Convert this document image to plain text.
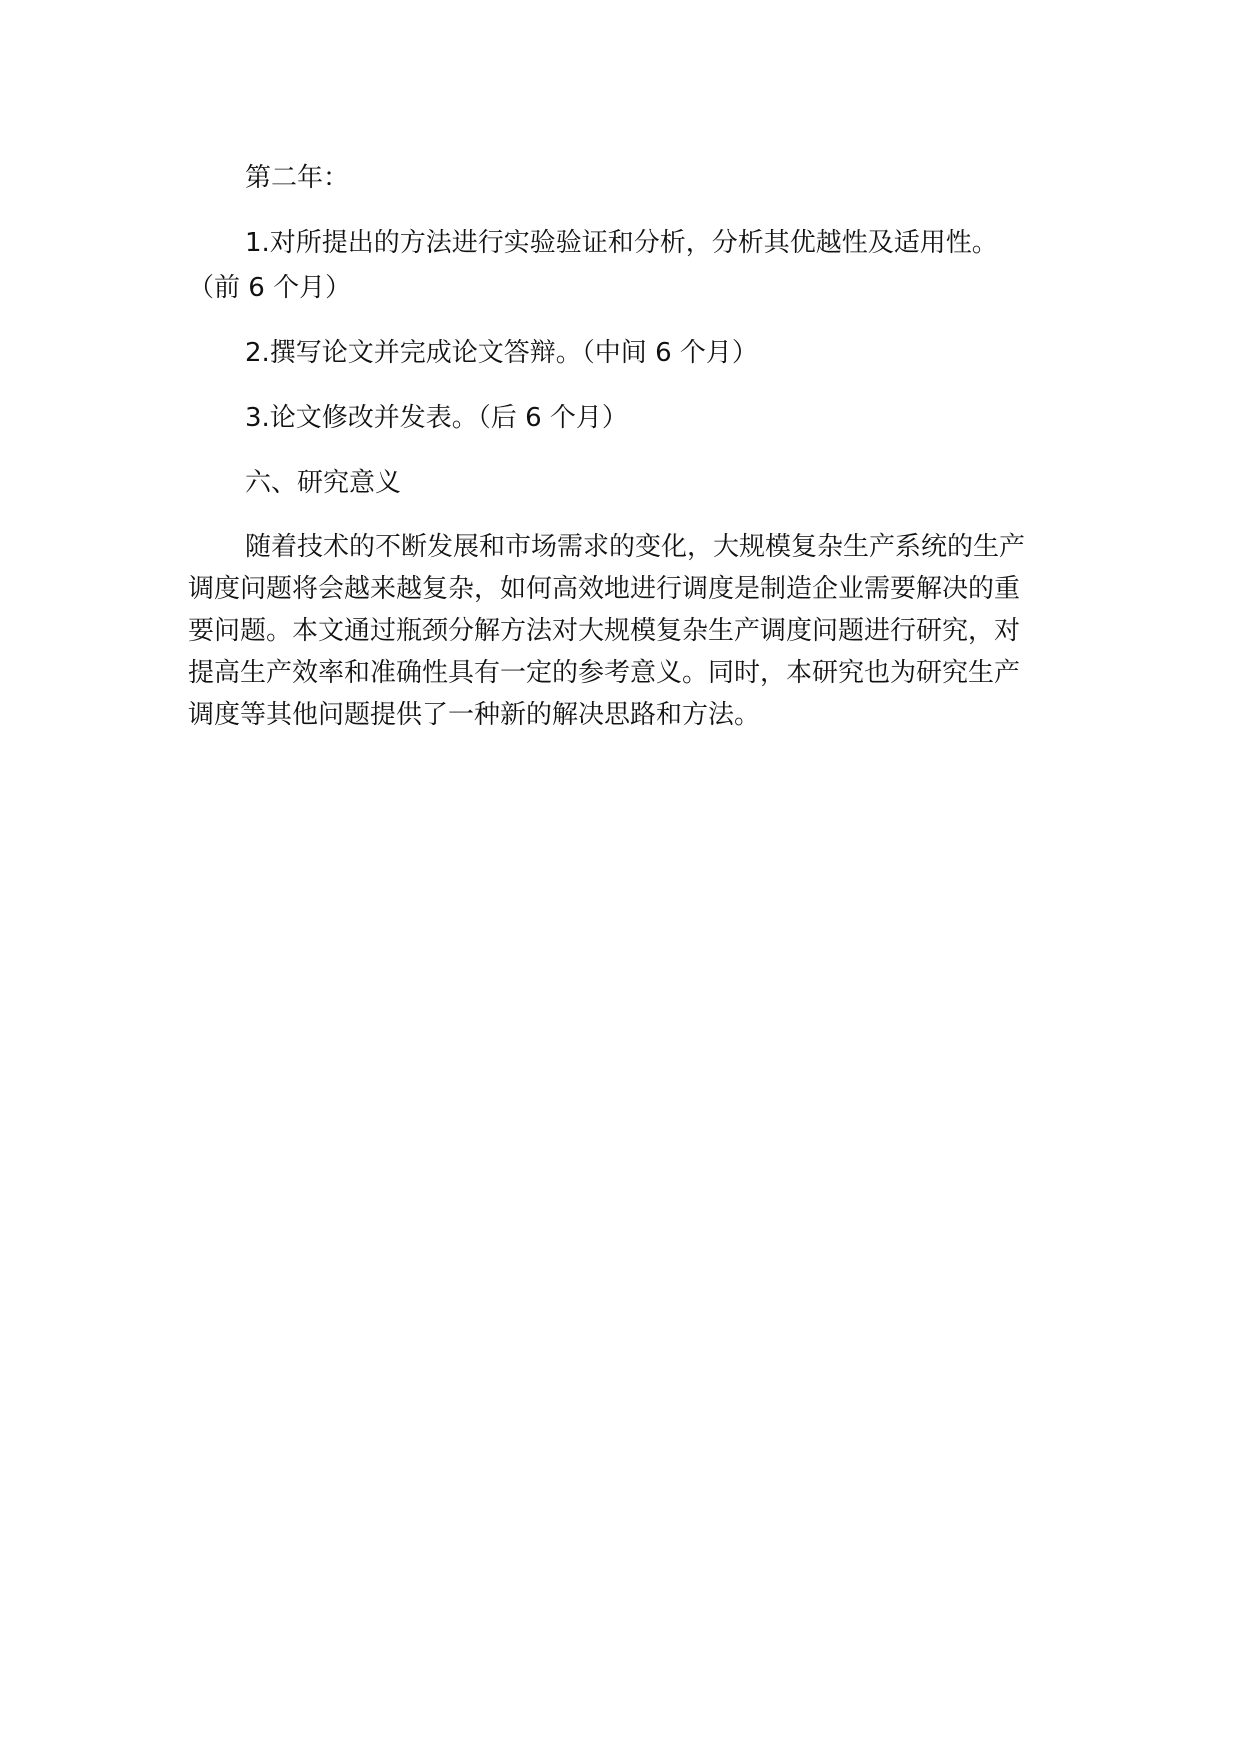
第二年：

1.对所提出的方法进行实验验证和分析，分析其优越性及适用性。（前 6 个月）

2.撰写论文并完成论文答辩。（中间 6 个月）

3.论文修改并发表。（后 6 个月）

六、研究意义

随着技术的不断发展和市场需求的变化，大规模复杂生产系统的生产调度问题将会越来越复杂，如何高效地进行调度是制造企业需要解决的重要问题。本文通过瓶颈分解方法对大规模复杂生产调度问题进行研究，对提高生产效率和准确性具有一定的参考意义。同时，本研究也为研究生产调度等其他问题提供了一种新的解决思路和方法。
